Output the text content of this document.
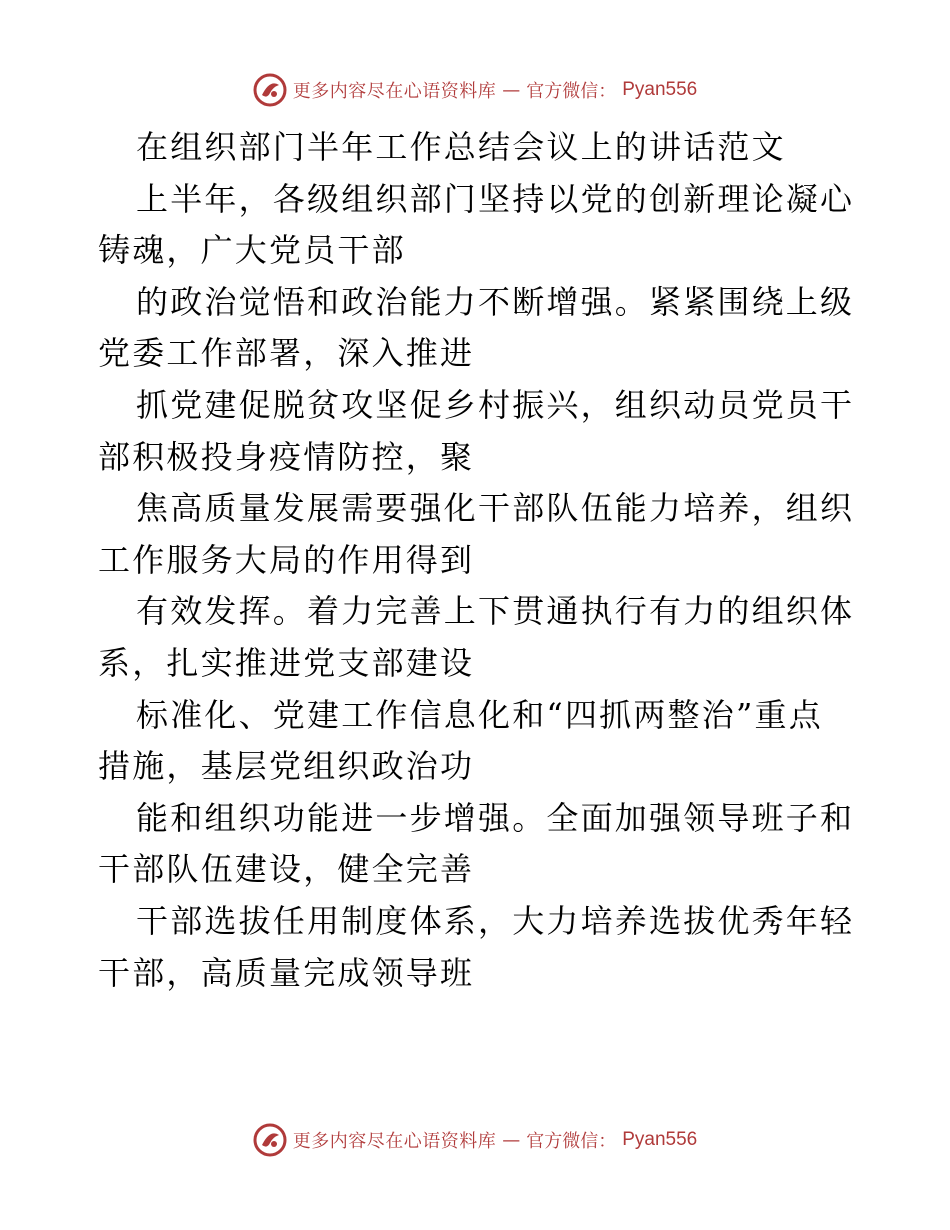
更多内容尽在心语资料库 — 官方微信： Pyan556
在组织部门半年工作总结会议上的讲话范文
上半年，各级组织部门坚持以党的创新理论凝心
铸魂，广大党员干部
的政治觉悟和政治能力不断增强。紧紧围绕上级
党委工作部署，深入推进
抓党建促脱贫攻坚促乡村振兴，组织动员党员干
部积极投身疫情防控，聚
焦高质量发展需要强化干部队伍能力培养，组织
工作服务大局的作用得到
有效发挥。着力完善上下贯通执行有力的组织体
系，扎实推进党支部建设
标准化、党建工作信息化和“四抓两整治”重点
措施，基层党组织政治功
能和组织功能进一步增强。全面加强领导班子和
干部队伍建设，健全完善
干部选拔任用制度体系，大力培养选拔优秀年轻
干部，高质量完成领导班
更多内容尽在心语资料库 — 官方微信： Pyan556
